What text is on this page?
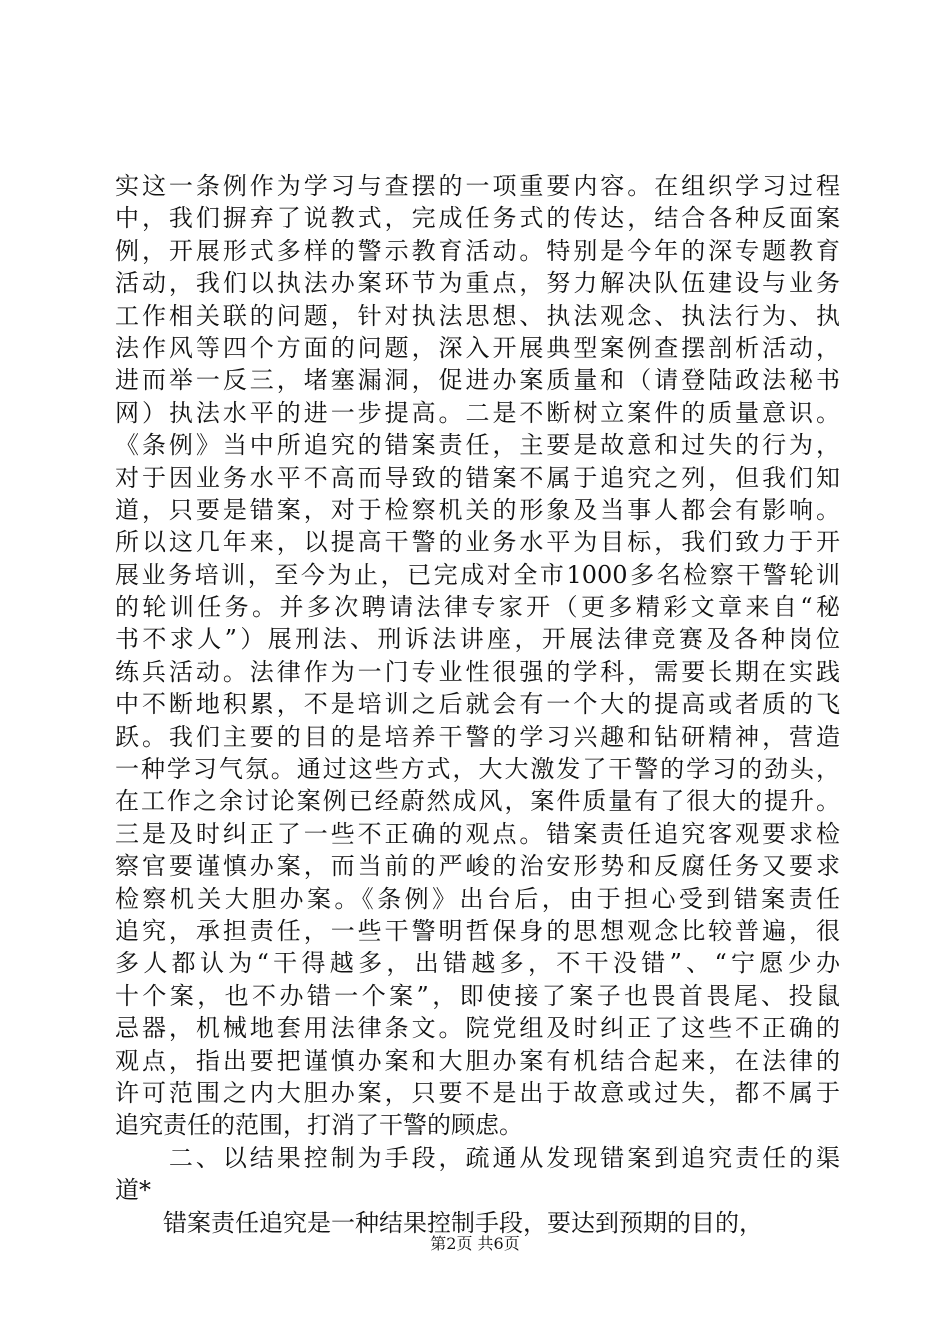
实这一条例作为学习与查摆的一项重要内容。在组织学习过程
中，我们摒弃了说教式，完成任务式的传达，结合各种反面案
例，开展形式多样的警示教育活动。特别是今年的深专题教育
活动，我们以执法办案环节为重点，努力解决队伍建设与业务
工作相关联的问题，针对执法思想、执法观念、执法行为、执
法作风等四个方面的问题，深入开展典型案例查摆剖析活动，
进而举一反三，堵塞漏洞，促进办案质量和（请登陆政法秘书
网）执法水平的进一步提高。二是不断树立案件的质量意识。
《条例》当中所追究的错案责任，主要是故意和过失的行为，
对于因业务水平不高而导致的错案不属于追究之列，但我们知
道，只要是错案，对于检察机关的形象及当事人都会有影响。
所以这几年来，以提高干警的业务水平为目标，我们致力于开
展业务培训，至今为止，已完成对全市1000多名检察干警轮训
的轮训任务。并多次聘请法律专家开（更多精彩文章来自“秘
书不求人”）展刑法、刑诉法讲座，开展法律竞赛及各种岗位
练兵活动。法律作为一门专业性很强的学科，需要长期在实践
中不断地积累，不是培训之后就会有一个大的提高或者质的飞
跃。我们主要的目的是培养干警的学习兴趣和钻研精神，营造
一种学习气氛。通过这些方式，大大激发了干警的学习的劲头，
在工作之余讨论案例已经蔚然成风，案件质量有了很大的提升。
三是及时纠正了一些不正确的观点。错案责任追究客观要求检
察官要谨慎办案，而当前的严峻的治安形势和反腐任务又要求
检察机关大胆办案。《条例》出台后，由于担心受到错案责任
追究，承担责任，一些干警明哲保身的思想观念比较普遍，很
多人都认为“干得越多，出错越多，不干没错”、“宁愿少办
十个案，也不办错一个案”，即使接了案子也畏首畏尾、投鼠
忌器，机械地套用法律条文。院党组及时纠正了这些不正确的
观点，指出要把谨慎办案和大胆办案有机结合起来，在法律的
许可范围之内大胆办案，只要不是出于故意或过失，都不属于
追究责任的范围，打消了干警的顾虑。
　　二、以结果控制为手段，疏通从发现错案到追究责任的渠
道*
　　错案责任追究是一种结果控制手段，要达到预期的目的，
第2页 共6页
